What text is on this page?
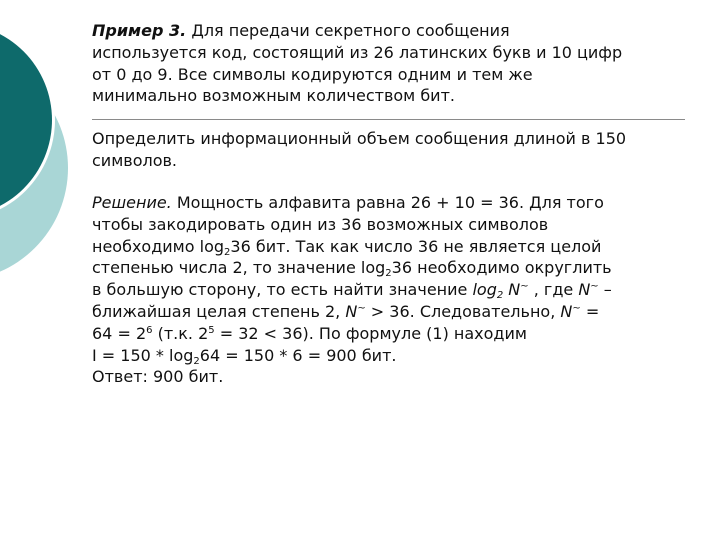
Пример 3. Для передачи секретного сообщения
используется код, состоящий из 26 латинских букв и 10 цифр
от 0 до 9. Все символы кодируются одним и тем же
минимально возможным количеством бит.
Определить информационный объем сообщения длиной в 150
символов.
Решение. Мощность алфавита равна 26 + 10 = 36. Для того
чтобы закодировать один из 36 возможных символов
необходимо $\log_236$ бит. Так как число 36 не является целой
степенью числа 2, то значение $\log_236$ необходимо округлить
в большую сторону, то есть найти значение $\log_2 N^\sim$ , где N~ –
ближайшая целая степень 2, N~ > 36. Следовательно, N~ =
$64 = 2^6$ (т.к. $2^5 = 32 < 36$). По формуле (1) находим
$I = 150 * \log_264 = 150 * 6 = 900$ бит.
Ответ: 900 бит.
